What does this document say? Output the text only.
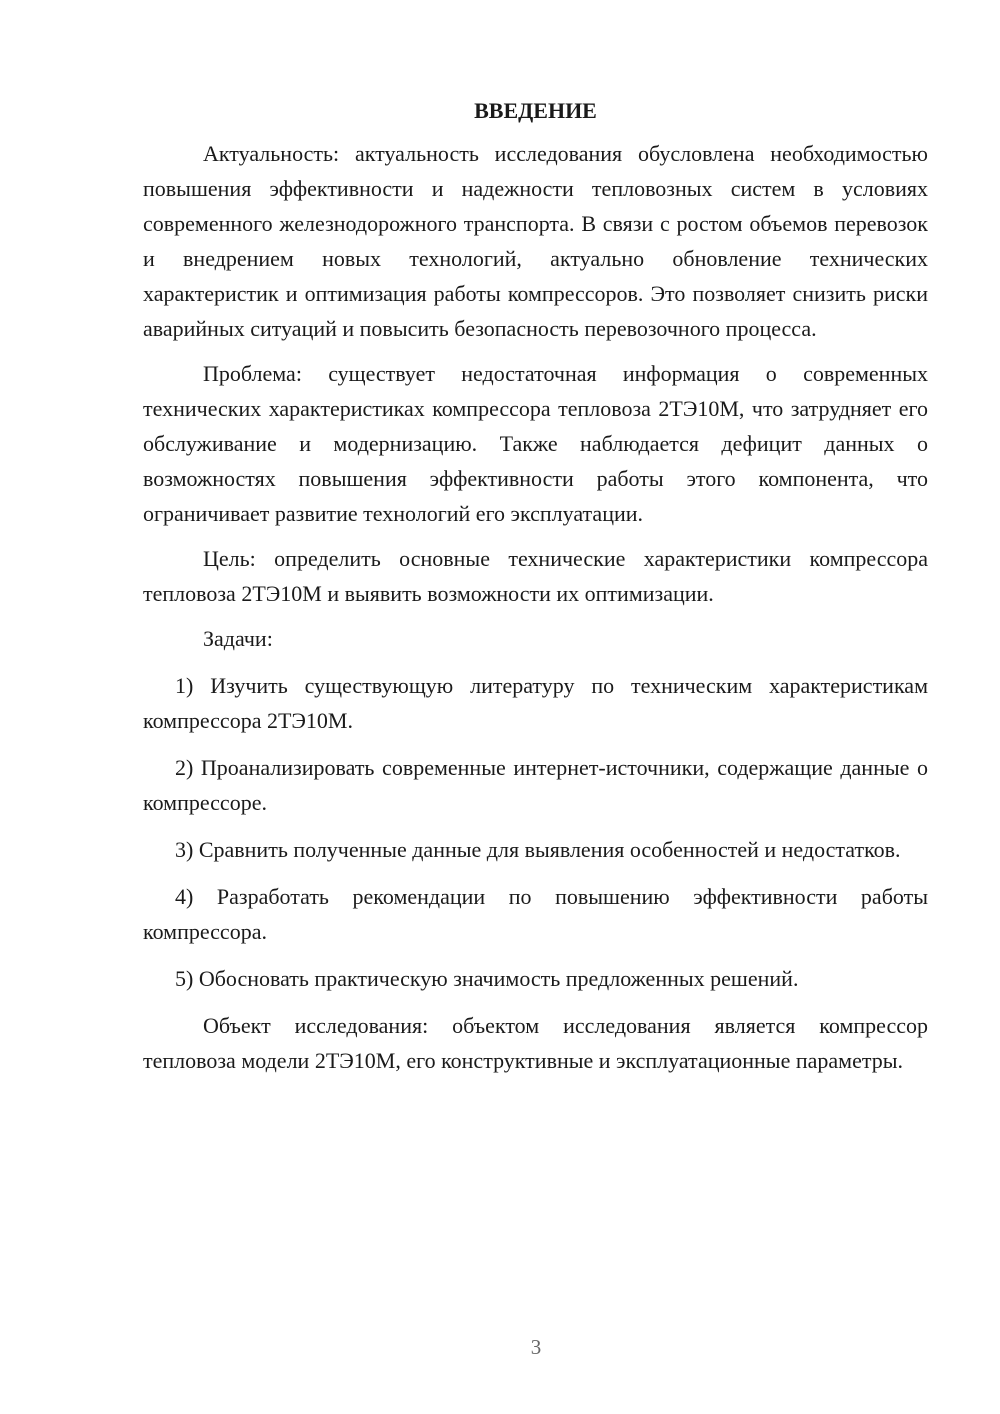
ВВЕДЕНИЕ

Актуальность: актуальность исследования обусловлена необходимостью повышения эффективности и надежности тепловозных систем в условиях современного железнодорожного транспорта. В связи с ростом объемов перевозок и внедрением новых технологий, актуально обновление технических характеристик и оптимизация работы компрессоров. Это позволяет снизить риски аварийных ситуаций и повысить безопасность перевозочного процесса.

Проблема: существует недостаточная информация о современных технических характеристиках компрессора тепловоза 2ТЭ10М, что затрудняет его обслуживание и модернизацию. Также наблюдается дефицит данных о возможностях повышения эффективности работы этого компонента, что ограничивает развитие технологий его эксплуатации.

Цель: определить основные технические характеристики компрессора тепловоза 2ТЭ10М и выявить возможности их оптимизации.

Задачи:

1) Изучить существующую литературу по техническим характеристикам компрессора 2ТЭ10М.

2) Проанализировать современные интернет-источники, содержащие данные о компрессоре.

3) Сравнить полученные данные для выявления особенностей и недостатков.

4) Разработать рекомендации по повышению эффективности работы компрессора.

5) Обосновать практическую значимость предложенных решений.

Объект исследования: объектом исследования является компрессор тепловоза модели 2ТЭ10М, его конструктивные и эксплуатационные параметры.

3
